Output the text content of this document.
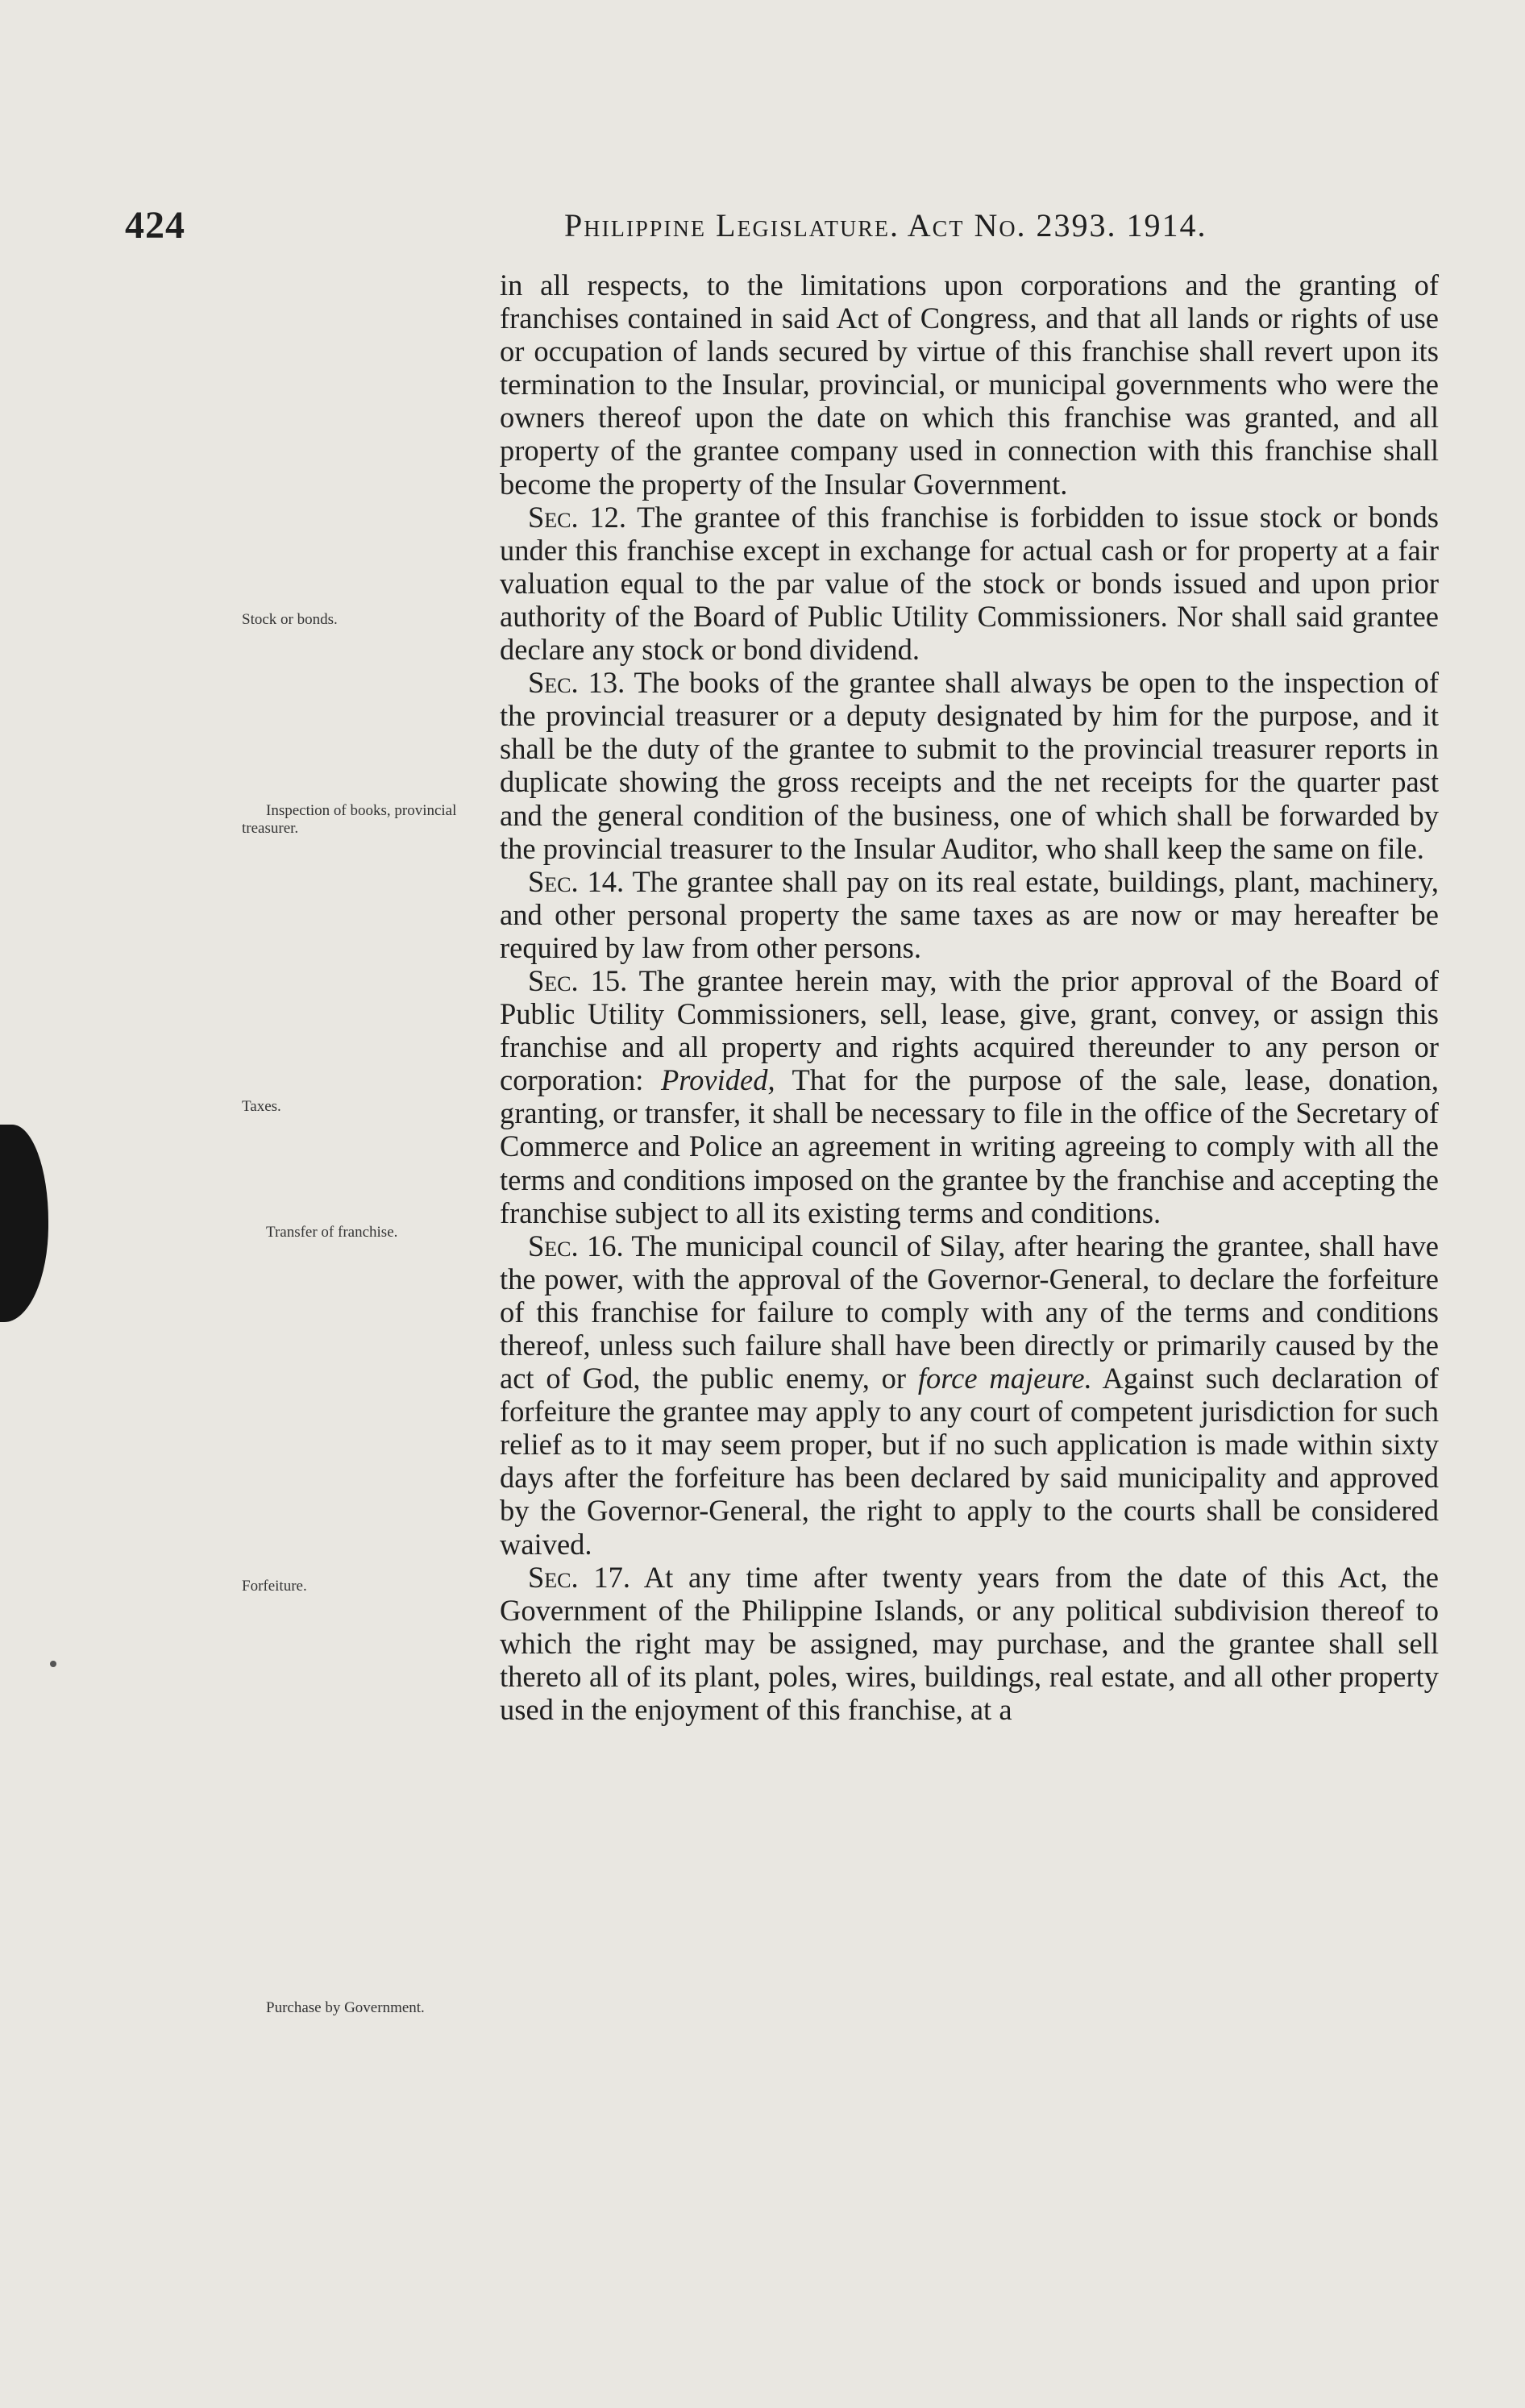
424	Philippine Legislature. Act No. 2393. 1914.
Stock or bonds.
Inspection of books, provincial treasurer.
Taxes.
Transfer of franchise.
Forfeiture.
Purchase by Government.

in all respects, to the limitations upon corporations and the granting of franchises contained in said Act of Congress, and that all lands or rights of use or occupation of lands secured by virtue of this franchise shall revert upon its termination to the Insular, provincial, or municipal governments who were the owners thereof upon the date on which this franchise was granted, and all property of the grantee company used in connection with this franchise shall become the property of the Insular Government.

Sec. 12. The grantee of this franchise is forbidden to issue stock or bonds under this franchise except in exchange for actual cash or for property at a fair valuation equal to the par value of the stock or bonds issued and upon prior authority of the Board of Public Utility Commissioners. Nor shall said grantee declare any stock or bond dividend.

Sec. 13. The books of the grantee shall always be open to the inspection of the provincial treasurer or a deputy designated by him for the purpose, and it shall be the duty of the grantee to submit to the provincial treasurer reports in duplicate showing the gross receipts and the net receipts for the quarter past and the general condition of the business, one of which shall be forwarded by the provincial treasurer to the Insular Auditor, who shall keep the same on file.

Sec. 14. The grantee shall pay on its real estate, buildings, plant, machinery, and other personal property the same taxes as are now or may hereafter be required by law from other persons.

Sec. 15. The grantee herein may, with the prior approval of the Board of Public Utility Commissioners, sell, lease, give, grant, convey, or assign this franchise and all property and rights acquired thereunder to any person or corporation: Provided, That for the purpose of the sale, lease, donation, granting, or transfer, it shall be necessary to file in the office of the Secretary of Commerce and Police an agreement in writing agreeing to comply with all the terms and conditions imposed on the grantee by the franchise and accepting the franchise subject to all its existing terms and conditions.

Sec. 16. The municipal council of Silay, after hearing the grantee, shall have the power, with the approval of the Governor-General, to declare the forfeiture of this franchise for failure to comply with any of the terms and conditions thereof, unless such failure shall have been directly or primarily caused by the act of God, the public enemy, or force majeure. Against such declaration of forfeiture the grantee may apply to any court of competent jurisdiction for such relief as to it may seem proper, but if no such application is made within sixty days after the forfeiture has been declared by said municipality and approved by the Governor-General, the right to apply to the courts shall be considered waived.

Sec. 17. At any time after twenty years from the date of this Act, the Government of the Philippine Islands, or any political subdivision thereof to which the right may be assigned, may purchase, and the grantee shall sell thereto all of its plant, poles, wires, buildings, real estate, and all other property used in the enjoyment of this franchise, at a
